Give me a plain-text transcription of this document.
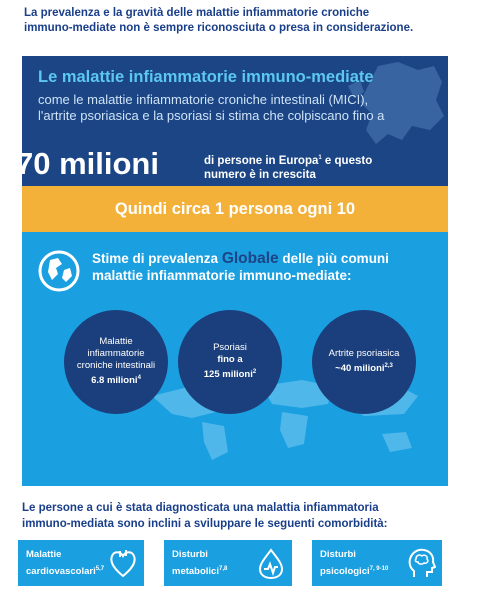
La prevalenza e la gravità delle malattie infiammatorie croniche
immuno-mediate non è sempre riconosciuta o presa in considerazione.
Le malattie infiammatorie immuno-mediate
come le malattie infiammatorie croniche intestinali (MICI), l'artrite psoriasica e la psoriasi si stima che colpiscano fino a
70 milioni	di persone in Europa$^1$ e questo
numero è in crescita
Quindi circa 1 persona ogni 10
Stime di prevalenza Globale delle più comuni
malattie infiammatorie immuno-mediate:
Malattie infiammatorie croniche intestinali
6.8 milioni$^4$
Psoriasi
fino a
125 milioni$^2$
Artrite psoriasica
~40 milioni$^{2,3}$
Le persone a cui è stata diagnosticata una malattia infiammatoria
immuno-mediata sono inclini a sviluppare le seguenti comorbidità:
Malattie
cardiovascolari$^{5,7}$
Disturbi
metabolici$^{7,8}$
Disturbi
psicologici$^{7, 9-10}$
